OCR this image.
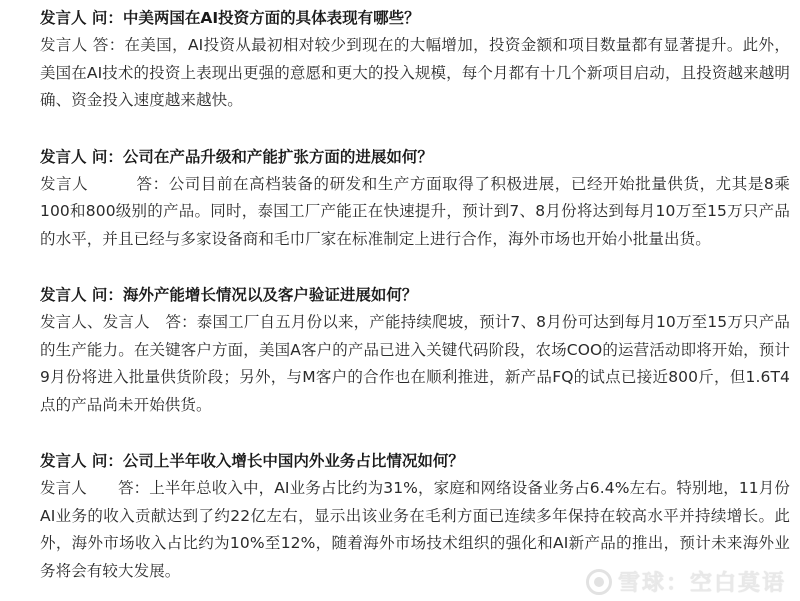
发言人 问：中美两国在AI投资方面的具体表现有哪些？

发言人 答：在美国，AI投资从最初相对较少到现在的大幅增加，投资金额和项目数量都有显著提升。此外，美国在AI技术的投资上表现出更强的意愿和更大的投入规模，每个月都有十几个新项目启动，且投资越来越明确、资金投入速度越来越快。

发言人 问：公司在产品升级和产能扩张方面的进展如何？

发言人　　　答：公司目前在高档装备的研发和生产方面取得了积极进展，已经开始批量供货，尤其是8乘100和800级别的产品。同时，泰国工厂产能正在快速提升，预计到7、8月份将达到每月10万至15万只产品的水平，并且已经与多家设备商和毛巾厂家在标准制定上进行合作，海外市场也开始小批量出货。

发言人 问：海外产能增长情况以及客户验证进展如何？

发言人、发言人　答：泰国工厂自五月份以来，产能持续爬坡，预计7、8月份可达到每月10万至15万只产品的生产能力。在关键客户方面，美国A客户的产品已进入关键代码阶段，农场COO的运营活动即将开始，预计9月份将进入批量供货阶段；另外，与M客户的合作也在顺利推进，新产品FQ的试点已接近800斤，但1.6T4点的产品尚未开始供货。

发言人 问：公司上半年收入增长中国内外业务占比情况如何？

发言人　　答：上半年总收入中，AI业务占比约为31%，家庭和网络设备业务占6.4%左右。特别地，11月份AI业务的收入贡献达到了约22亿左右，显示出该业务在毛利方面已连续多年保持在较高水平并持续增长。此外，海外市场收入占比约为10%至12%，随着海外市场技术组织的强化和AI新产品的推出，预计未来海外业务将会有较大发展。

雪球：空白莫语
